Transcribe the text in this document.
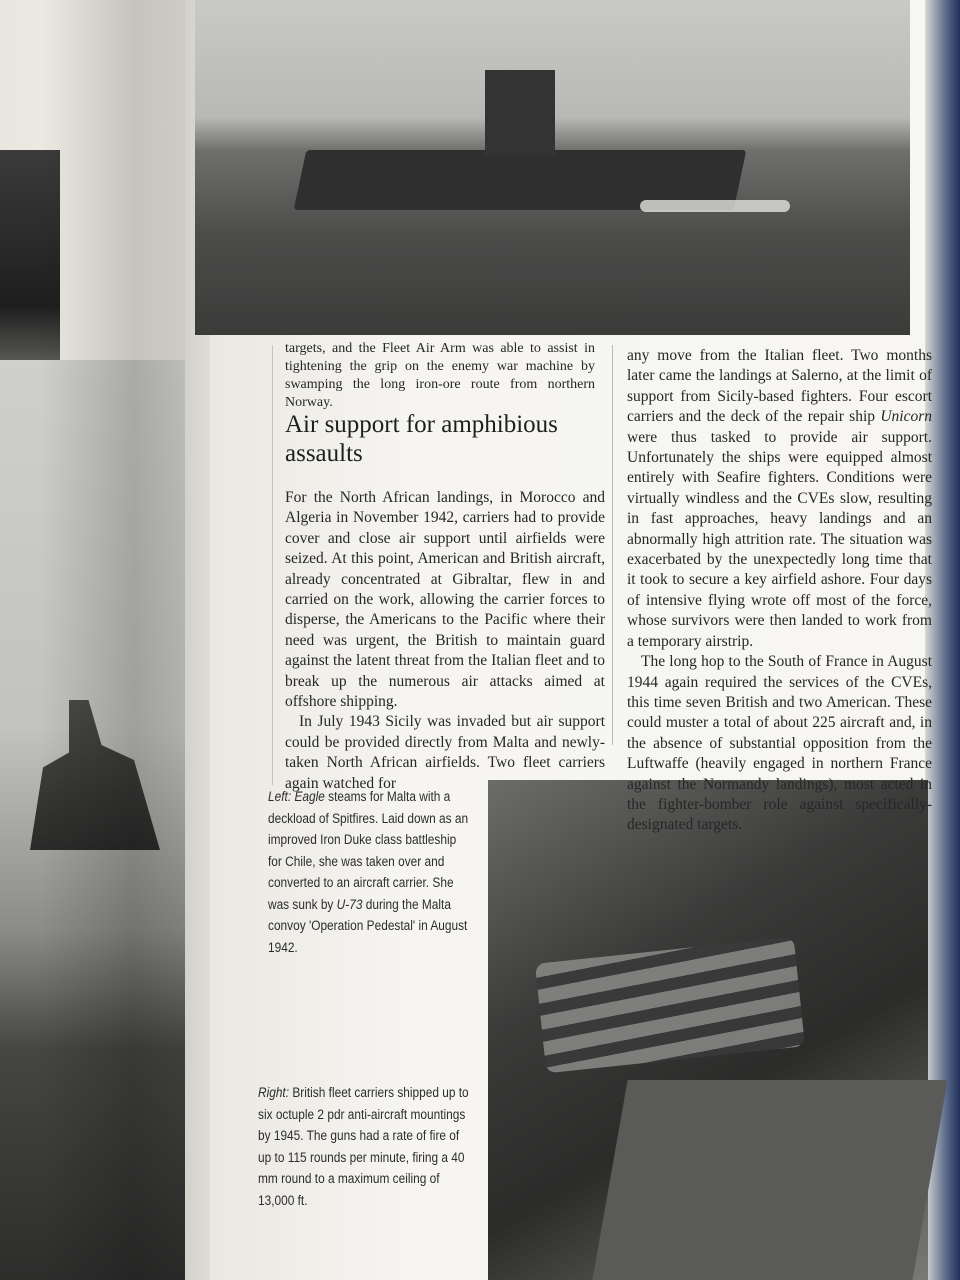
targets, and the Fleet Air Arm was able to assist in tightening the grip on the enemy war machine by swamping the long iron-ore route from northern Norway.

Air support for amphibious assaults

For the North African landings, in Morocco and Algeria in November 1942, carriers had to provide cover and close air support until airfields were seized. At this point, American and British aircraft, already concentrated at Gibraltar, flew in and carried on the work, allowing the carrier forces to disperse, the Americans to the Pacific where their need was urgent, the British to maintain guard against the latent threat from the Italian fleet and to break up the numerous air attacks aimed at offshore shipping.

In July 1943 Sicily was invaded but air support could be provided directly from Malta and newly-taken North African airfields. Two fleet carriers again watched for

any move from the Italian fleet. Two months later came the landings at Salerno, at the limit of support from Sicily-based fighters. Four escort carriers and the deck of the repair ship Unicorn were thus tasked to provide air support. Unfortunately the ships were equipped almost entirely with Seafire fighters. Conditions were virtually windless and the CVEs slow, resulting in fast approaches, heavy landings and an abnormally high attrition rate. The situation was exacerbated by the unexpectedly long time that it took to secure a key airfield ashore. Four days of intensive flying wrote off most of the force, whose survivors were then landed to work from a temporary airstrip.

The long hop to the South of France in August 1944 again required the services of the CVEs, this time seven British and two American. These could muster a total of about 225 aircraft and, in the absence of substantial opposition from the Luftwaffe (heavily engaged in northern France against the Normandy landings), most acted in the fighter-bomber role against specifically-designated targets.

Left: Eagle steams for Malta with a deckload of Spitfires. Laid down as an improved Iron Duke class battleship for Chile, she was taken over and converted to an aircraft carrier. She was sunk by U-73 during the Malta convoy 'Operation Pedestal' in August 1942.
Right: British fleet carriers shipped up to six octuple 2 pdr anti-aircraft mountings by 1945. The guns had a rate of fire of up to 115 rounds per minute, firing a 40 mm round to a maximum ceiling of 13,000 ft.
